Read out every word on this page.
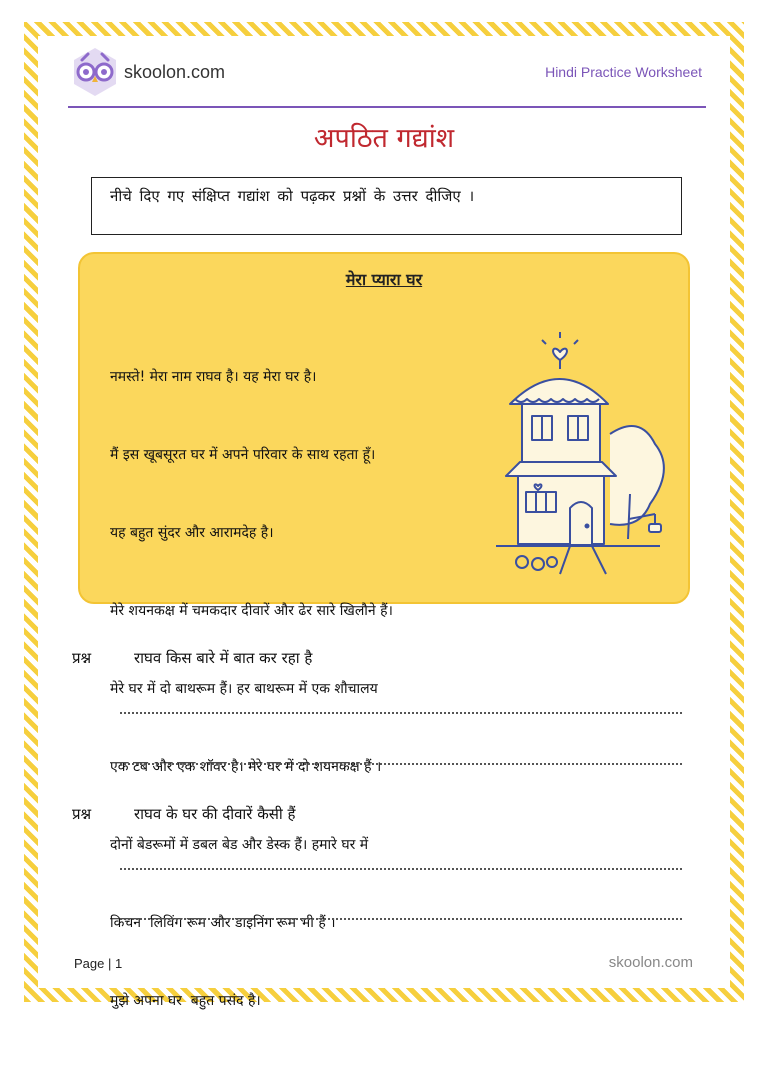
skoolon.com	Hindi Practice Worksheet
अपठित गद्यांश
नीचे दिए गए संक्षिप्त गद्यांश को पढ़कर प्रश्नों के उत्तर दीजिए ।
मेरा प्यारा घर

नमस्ते! मेरा नाम राघव है। यह मेरा घर है।

मैं इस खूबसूरत घर में अपने परिवार के साथ रहता हूँ।

यह बहुत सुंदर और आरामदेह है।

मेरे शयनकक्ष में चमकदार दीवारें और ढेर सारे खिलौने हैं।

मेरे घर में दो बाथरूम हैं। हर बाथरूम में एक शौचालय

एक टब और एक शॉवर है। मेरे घर में दो शयनकक्ष हैं ।

दोनों बेडरूमों में डबल बेड और डेस्क हैं। हमारे घर में

किचन  लिविंग रूम और डाइनिंग रूम भी हैं ।

मुझे अपना घर  बहुत पसंद है।

प्रश्न	राघव किस बारे में बात कर रहा है
प्रश्न	राघव के घर की दीवारें कैसी हैं
Page | 1	skoolon.com
